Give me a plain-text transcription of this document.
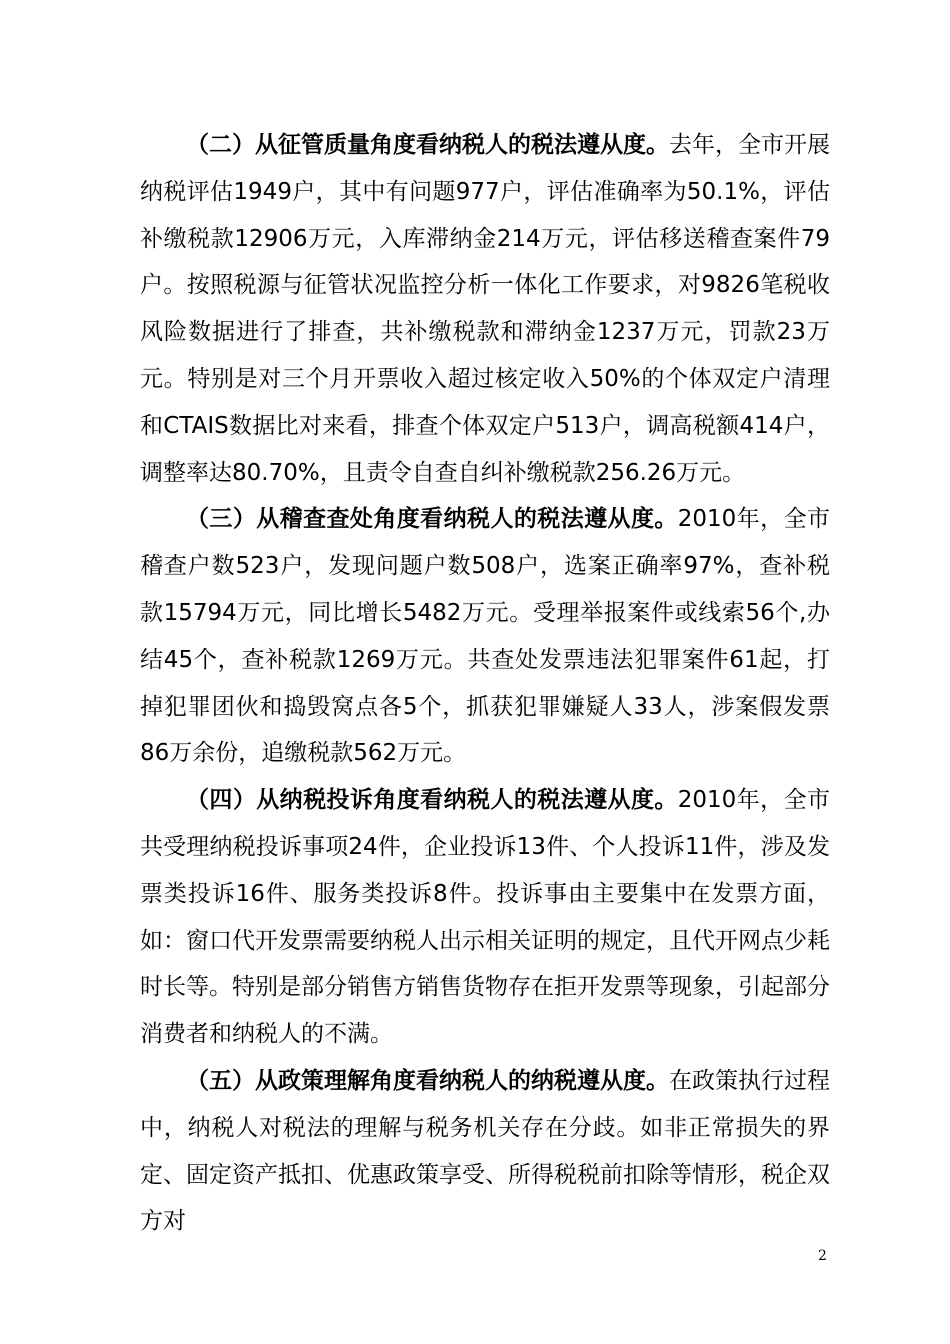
（二）从征管质量角度看纳税人的税法遵从度。去年，全市开展纳税评估1949户，其中有问题977户，评估准确率为50.1%，评估补缴税款12906万元，入库滞纳金214万元，评估移送稽查案件79户。按照税源与征管状况监控分析一体化工作要求，对9826笔税收风险数据进行了排查，共补缴税款和滞纳金1237万元，罚款23万元。特别是对三个月开票收入超过核定收入50%的个体双定户清理和CTAIS数据比对来看，排查个体双定户513户，调高税额414户，调整率达80.70%，且责令自查自纠补缴税款256.26万元。

（三）从稽查查处角度看纳税人的税法遵从度。2010年，全市稽查户数523户，发现问题户数508户，选案正确率97%，查补税款15794万元，同比增长5482万元。受理举报案件或线索56个,办结45个，查补税款1269万元。共查处发票违法犯罪案件61起，打掉犯罪团伙和捣毁窝点各5个，抓获犯罪嫌疑人33人，涉案假发票86万余份，追缴税款562万元。

（四）从纳税投诉角度看纳税人的税法遵从度。2010年，全市共受理纳税投诉事项24件，企业投诉13件、个人投诉11件，涉及发票类投诉16件、服务类投诉8件。投诉事由主要集中在发票方面，如：窗口代开发票需要纳税人出示相关证明的规定，且代开网点少耗时长等。特别是部分销售方销售货物存在拒开发票等现象，引起部分消费者和纳税人的不满。

（五）从政策理解角度看纳税人的纳税遵从度。在政策执行过程中，纳税人对税法的理解与税务机关存在分歧。如非正常损失的界定、固定资产抵扣、优惠政策享受、所得税税前扣除等情形，税企双方对

2
